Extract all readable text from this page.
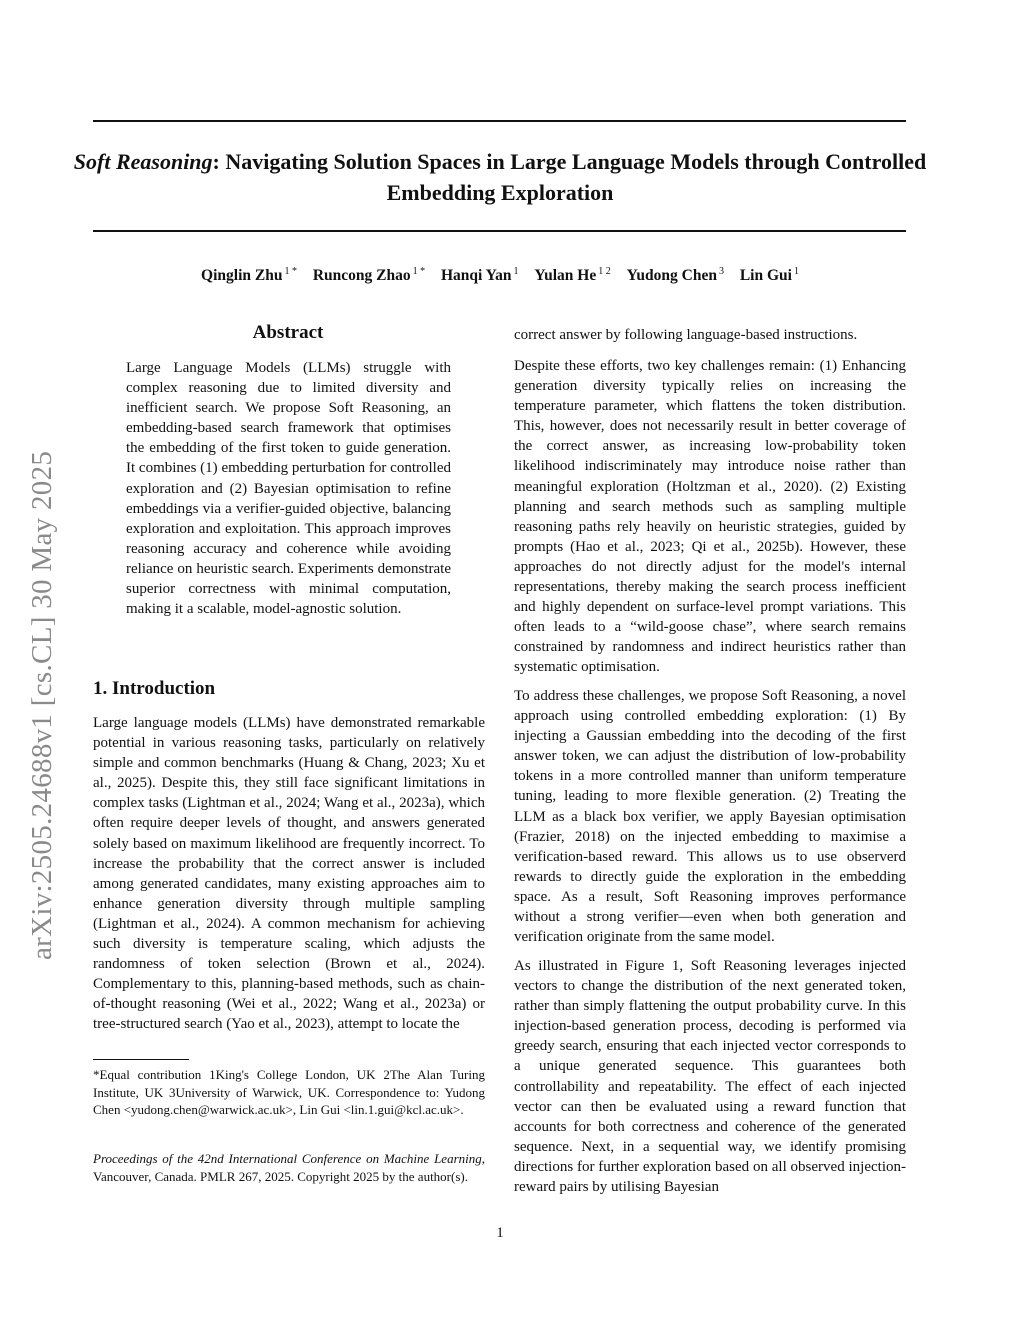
arXiv:2505.24688v1 [cs.CL] 30 May 2025
Soft Reasoning: Navigating Solution Spaces in Large Language Models through Controlled Embedding Exploration
Qinglin Zhu $^{1 *}$ Runcong Zhao $^{1 *}$ Hanqi Yan $^1$ Yulan He $^{1 2}$ Yudong Chen $^3$ Lin Gui $^1$
Abstract
Large Language Models (LLMs) struggle with complex reasoning due to limited diversity and inefficient search. We propose Soft Reasoning, an embedding-based search framework that optimises the embedding of the first token to guide generation. It combines (1) embedding perturbation for controlled exploration and (2) Bayesian optimisation to refine embeddings via a verifier-guided objective, balancing exploration and exploitation. This approach improves reasoning accuracy and coherence while avoiding reliance on heuristic search. Experiments demonstrate superior correctness with minimal computation, making it a scalable, model-agnostic solution.
1. Introduction
Large language models (LLMs) have demonstrated remarkable potential in various reasoning tasks, particularly on relatively simple and common benchmarks (Huang & Chang, 2023; Xu et al., 2025). Despite this, they still face significant limitations in complex tasks (Lightman et al., 2024; Wang et al., 2023a), which often require deeper levels of thought, and answers generated solely based on maximum likelihood are frequently incorrect. To increase the probability that the correct answer is included among generated candidates, many existing approaches aim to enhance generation diversity through multiple sampling (Lightman et al., 2024). A common mechanism for achieving such diversity is temperature scaling, which adjusts the randomness of token selection (Brown et al., 2024). Complementary to this, planning-based methods, such as chain-of-thought reasoning (Wei et al., 2022; Wang et al., 2023a) or tree-structured search (Yao et al., 2023), attempt to locate the
*Equal contribution 1King's College London, UK 2The Alan Turing Institute, UK 3University of Warwick, UK. Correspondence to: Yudong Chen <yudong.chen@warwick.ac.uk>, Lin Gui <lin.1.gui@kcl.ac.uk>.
Proceedings of the 42nd International Conference on Machine Learning, Vancouver, Canada. PMLR 267, 2025. Copyright 2025 by the author(s).
correct answer by following language-based instructions.
Despite these efforts, two key challenges remain: (1) Enhancing generation diversity typically relies on increasing the temperature parameter, which flattens the token distribution. This, however, does not necessarily result in better coverage of the correct answer, as increasing low-probability token likelihood indiscriminately may introduce noise rather than meaningful exploration (Holtzman et al., 2020). (2) Existing planning and search methods such as sampling multiple reasoning paths rely heavily on heuristic strategies, guided by prompts (Hao et al., 2023; Qi et al., 2025b). However, these approaches do not directly adjust for the model's internal representations, thereby making the search process inefficient and highly dependent on surface-level prompt variations. This often leads to a “wild-goose chase”, where search remains constrained by randomness and indirect heuristics rather than systematic optimisation.
To address these challenges, we propose Soft Reasoning, a novel approach using controlled embedding exploration: (1) By injecting a Gaussian embedding into the decoding of the first answer token, we can adjust the distribution of low-probability tokens in a more controlled manner than uniform temperature tuning, leading to more flexible generation. (2) Treating the LLM as a black box verifier, we apply Bayesian optimisation (Frazier, 2018) on the injected embedding to maximise a verification-based reward. This allows us to use observerd rewards to directly guide the exploration in the embedding space. As a result, Soft Reasoning improves performance without a strong verifier—even when both generation and verification originate from the same model.
As illustrated in Figure 1, Soft Reasoning leverages injected vectors to change the distribution of the next generated token, rather than simply flattening the output probability curve. In this injection-based generation process, decoding is performed via greedy search, ensuring that each injected vector corresponds to a unique generated sequence. This guarantees both controllability and repeatability. The effect of each injected vector can then be evaluated using a reward function that accounts for both correctness and coherence of the generated sequence. Next, in a sequential way, we identify promising directions for further exploration based on all observed injection-reward pairs by utilising Bayesian
1
